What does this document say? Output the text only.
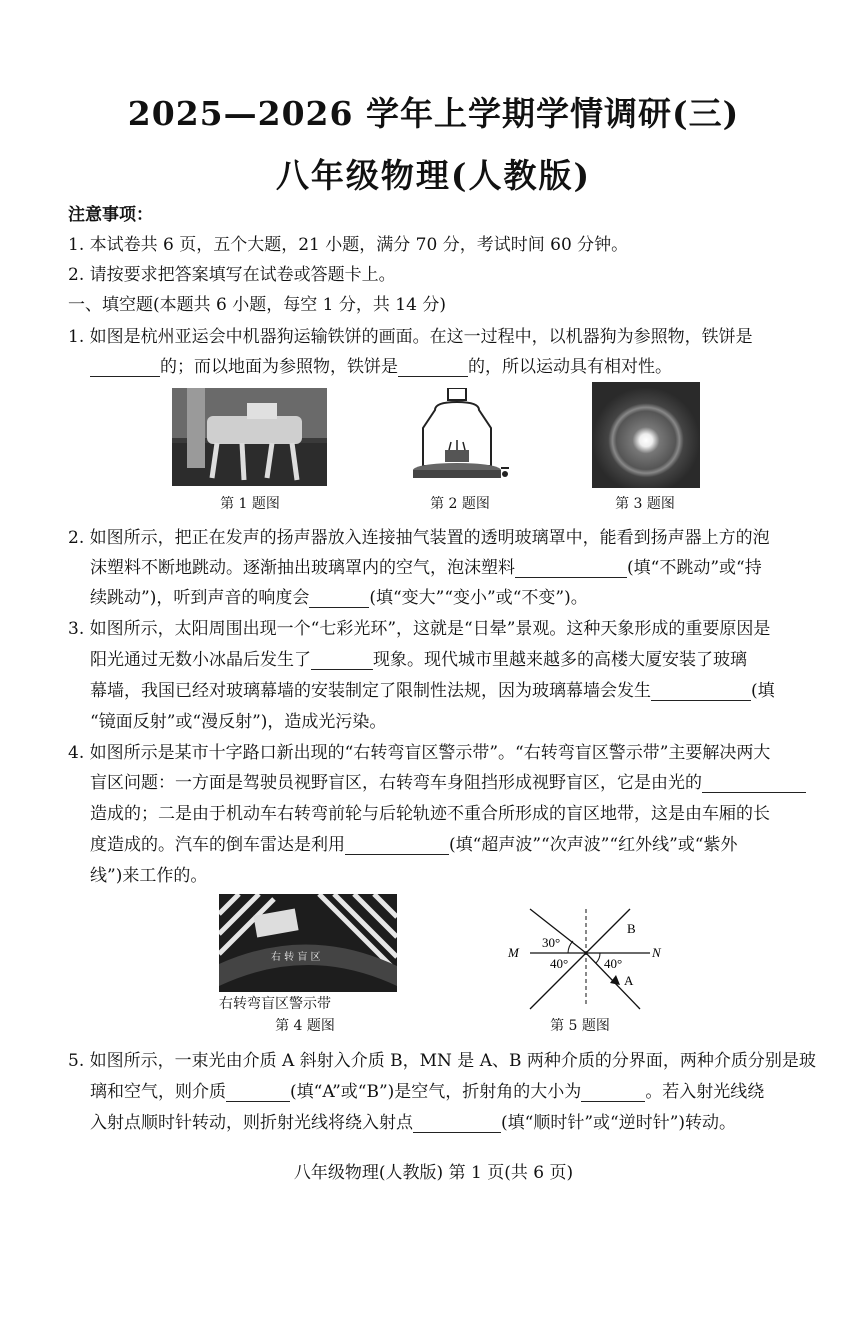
2025—2026 学年上学期学情调研(三)
八年级物理(人教版)
注意事项：
1. 本试卷共 6 页，五个大题，21 小题，满分 70 分，考试时间 60 分钟。
2. 请按要求把答案填写在试卷或答题卡上。
一、填空题(本题共 6 小题，每空 1 分，共 14 分)
1. 如图是杭州亚运会中机器狗运输铁饼的画面。在这一过程中，以机器狗为参照物，铁饼是
的；而以地面为参照物，铁饼是	的，所以运动具有相对性。
第 1 题图	第 2 题图	第 3 题图
2. 如图所示，把正在发声的扬声器放入连接抽气装置的透明玻璃罩中，能看到扬声器上方的泡
沫塑料不断地跳动。逐渐抽出玻璃罩内的空气，泡沫塑料	(填“不跳动”或“持
续跳动”)，听到声音的响度会	(填“变大”“变小”或“不变”)。
3. 如图所示，太阳周围出现一个“七彩光环”，这就是“日晕”景观。这种天象形成的重要原因是
阳光通过无数小冰晶后发生了	现象。现代城市里越来越多的高楼大厦安装了玻璃
幕墙，我国已经对玻璃幕墙的安装制定了限制性法规，因为玻璃幕墙会发生	(填
“镜面反射”或“漫反射”)，造成光污染。
4. 如图所示是某市十字路口新出现的“右转弯盲区警示带”。“右转弯盲区警示带”主要解决两大
盲区问题：一方面是驾驶员视野盲区，右转弯车身阻挡形成视野盲区，它是由光的
造成的；二是由于机动车右转弯前轮与后轮轨迹不重合所形成的盲区地带，这是由车厢的长
度造成的。汽车的倒车雷达是利用	(填“超声波”“次声波”“红外线”或“紫外
线”)来工作的。
右 转 盲 区
右转弯盲区警示带
第 4 题图
M	N
B
A
30°
40°	40°
第 5 题图
5. 如图所示，一束光由介质 A 斜射入介质 B，MN 是 A、B 两种介质的分界面，两种介质分别是玻
璃和空气，则介质	(填“A”或“B”)是空气，折射角的大小为	。若入射光线绕
入射点顺时针转动，则折射光线将绕入射点	(填“顺时针”或“逆时针”)转动。
八年级物理(人教版) 第 1 页(共 6 页)
